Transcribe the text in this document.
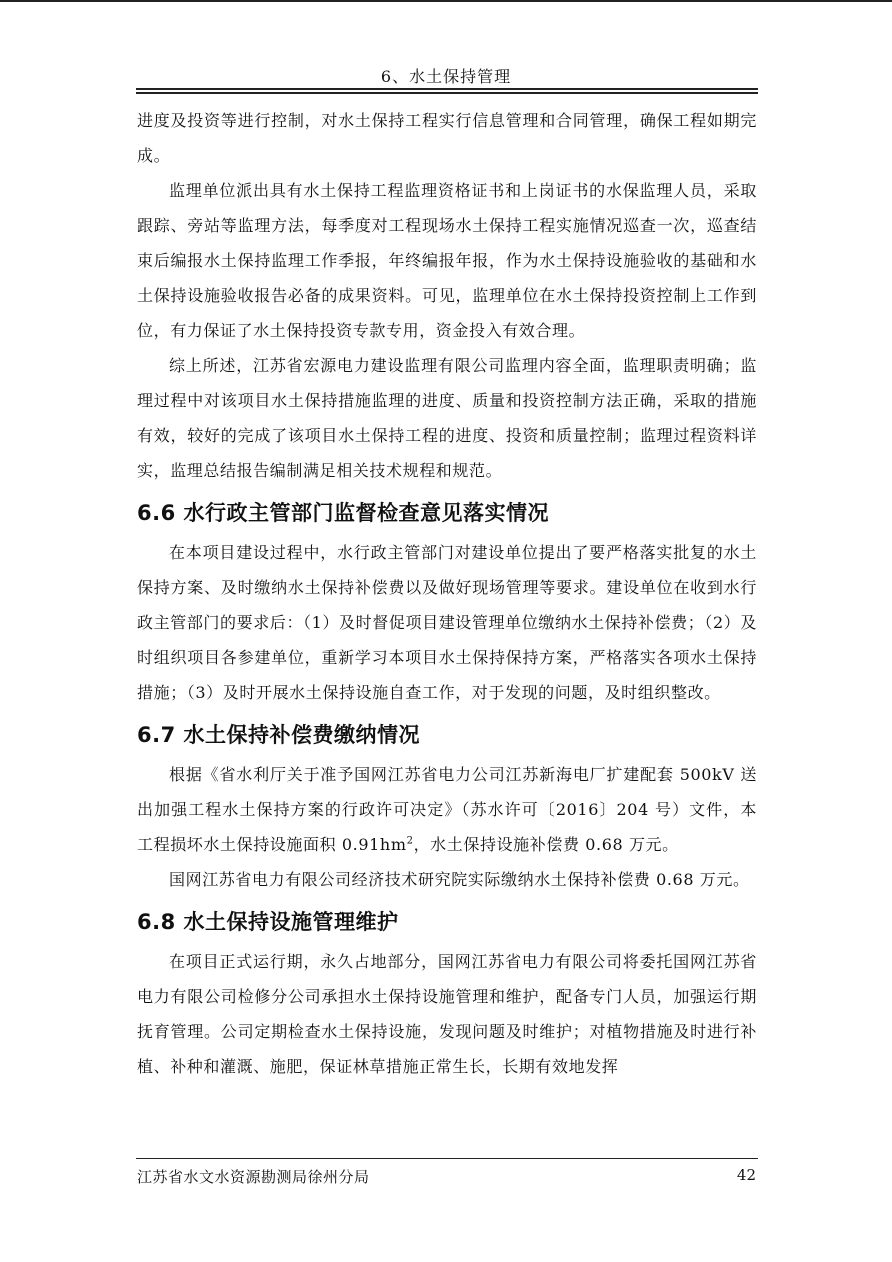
6、水土保持管理

进度及投资等进行控制，对水土保持工程实行信息管理和合同管理，确保工程如期完成。

监理单位派出具有水土保持工程监理资格证书和上岗证书的水保监理人员，采取跟踪、旁站等监理方法，每季度对工程现场水土保持工程实施情况巡查一次，巡查结束后编报水土保持监理工作季报，年终编报年报，作为水土保持设施验收的基础和水土保持设施验收报告必备的成果资料。可见，监理单位在水土保持投资控制上工作到位，有力保证了水土保持投资专款专用，资金投入有效合理。

综上所述，江苏省宏源电力建设监理有限公司监理内容全面，监理职责明确；监理过程中对该项目水土保持措施监理的进度、质量和投资控制方法正确，采取的措施有效，较好的完成了该项目水土保持工程的进度、投资和质量控制；监理过程资料详实，监理总结报告编制满足相关技术规程和规范。

6.6 水行政主管部门监督检查意见落实情况

在本项目建设过程中，水行政主管部门对建设单位提出了要严格落实批复的水土保持方案、及时缴纳水土保持补偿费以及做好现场管理等要求。建设单位在收到水行政主管部门的要求后：（1）及时督促项目建设管理单位缴纳水土保持补偿费；（2）及时组织项目各参建单位，重新学习本项目水土保持保持方案，严格落实各项水土保持措施；（3）及时开展水土保持设施自查工作，对于发现的问题，及时组织整改。

6.7 水土保持补偿费缴纳情况

根据《省水利厅关于准予国网江苏省电力公司江苏新海电厂扩建配套 500kV 送出加强工程水土保持方案的行政许可决定》（苏水许可〔2016〕204 号）文件，本工程损坏水土保持设施面积 $0.91hm^2$，水土保持设施补偿费 0.68 万元。

国网江苏省电力有限公司经济技术研究院实际缴纳水土保持补偿费 0.68 万元。

6.8 水土保持设施管理维护

在项目正式运行期，永久占地部分，国网江苏省电力有限公司将委托国网江苏省电力有限公司检修分公司承担水土保持设施管理和维护，配备专门人员，加强运行期抚育管理。公司定期检查水土保持设施，发现问题及时维护；对植物措施及时进行补植、补种和灌溉、施肥，保证林草措施正常生长，长期有效地发挥

江苏省水文水资源勘测局徐州分局	42
